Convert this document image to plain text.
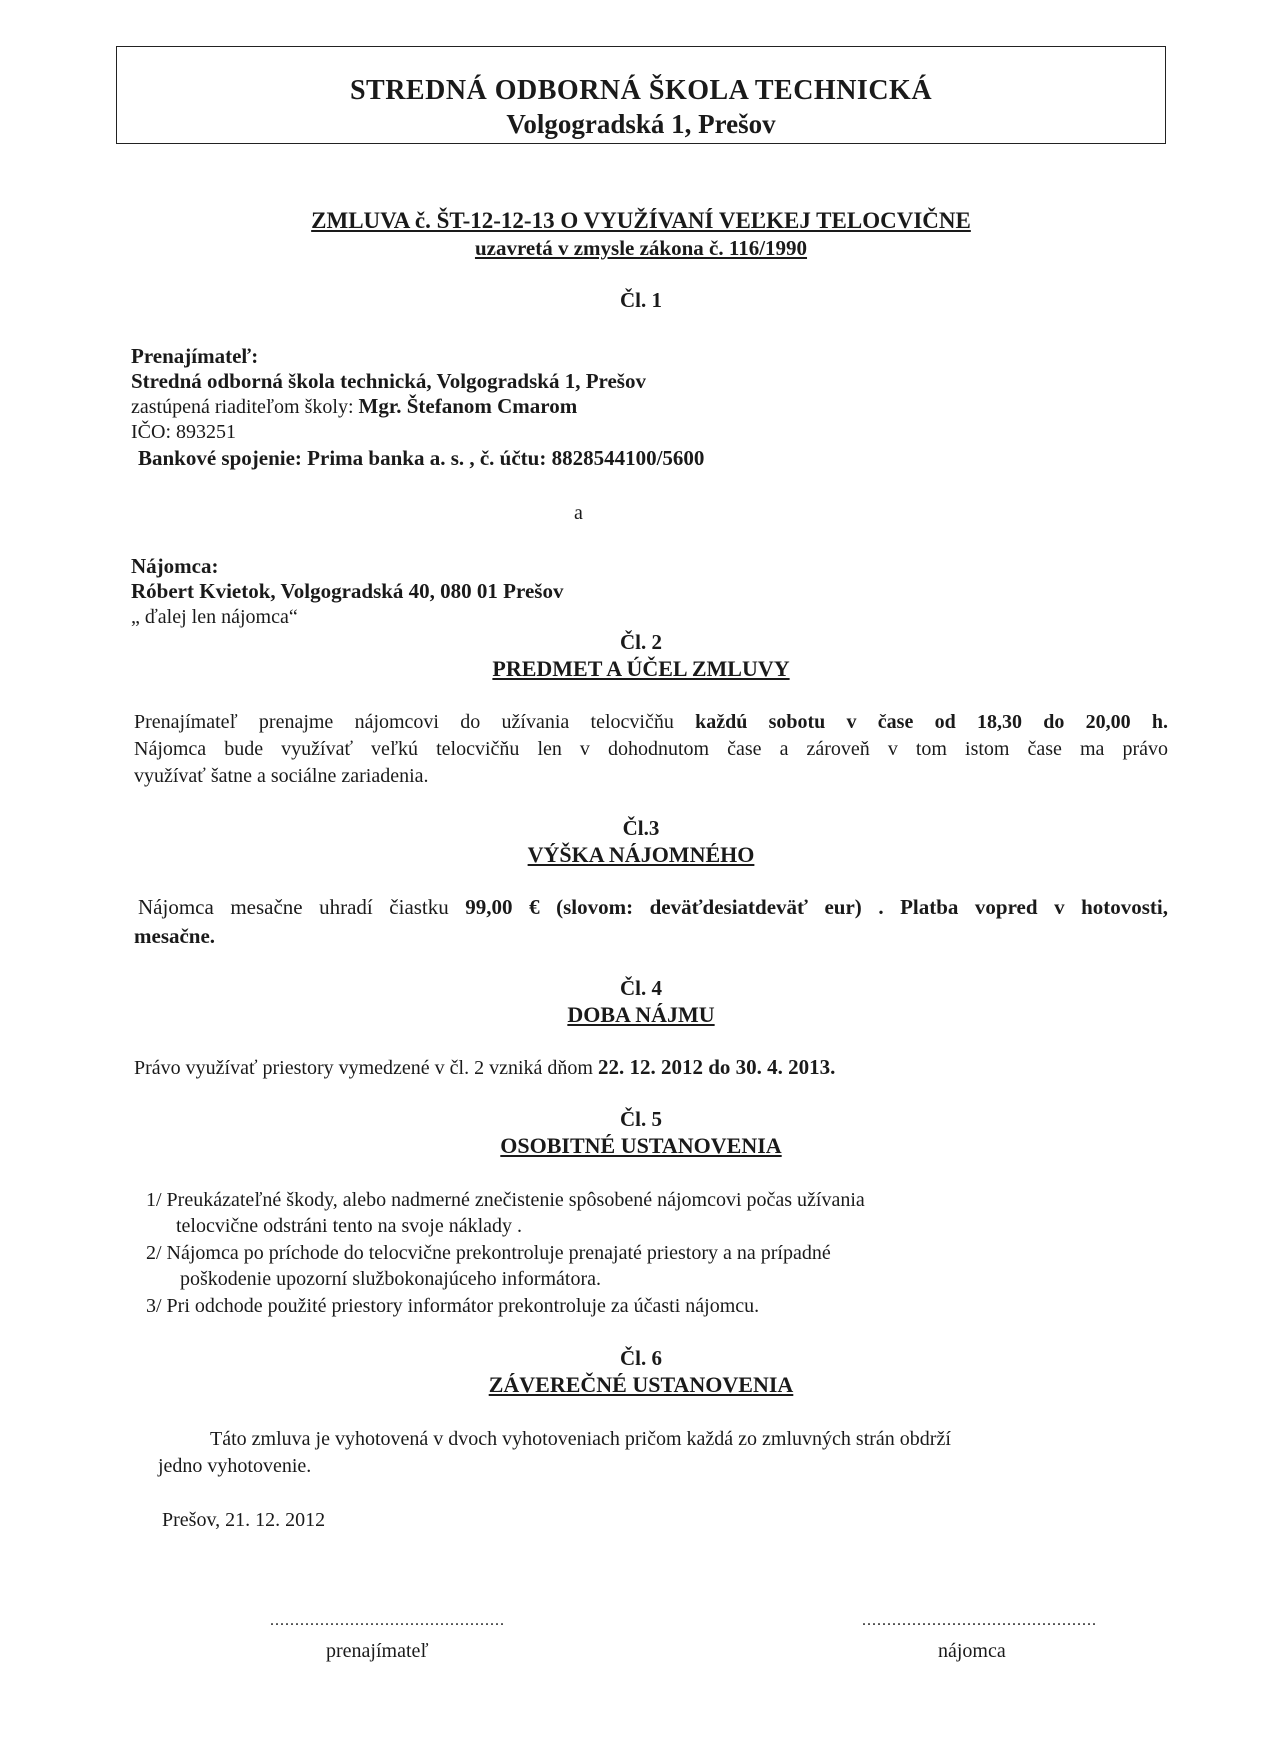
STREDNÁ ODBORNÁ ŠKOLA TECHNICKÁ
Volgogradská 1, Prešov
ZMLUVA č. ŠT-12-12-13 O VYUŽÍVANÍ VEĽKEJ TELOCVIČNE
uzavretá v zmysle zákona č. 116/1990
Čl. 1
Prenajímateľ:
Stredná odborná škola technická, Volgogradská 1, Prešov
zastúpená riaditeľom školy: Mgr. Štefanom Cmarom
IČO: 893251
Bankové spojenie: Prima banka a. s. , č. účtu: 8828544100/5600
a
Nájomca:
Róbert Kvietok, Volgogradská 40, 080 01 Prešov
„ ďalej len nájomca“
Čl. 2
PREDMET A ÚČEL ZMLUVY
Prenajímateľ prenajme nájomcovi do užívania telocvičňu každú sobotu v čase od 18,30 do 20,00 h.
Nájomca bude využívať veľkú telocvičňu len v dohodnutom čase a zároveň v tom istom čase ma právo
využívať šatne a sociálne zariadenia.
Čl.3
VÝŠKA NÁJOMNÉHO
Nájomca mesačne uhradí čiastku 99,00 € (slovom: deväťdesiatdeväť eur) . Platba vopred v hotovosti,
mesačne.
Čl. 4
DOBA NÁJMU
Právo využívať priestory vymedzené v čl. 2 vzniká dňom 22. 12. 2012 do 30. 4. 2013.
Čl. 5
OSOBITNÉ USTANOVENIA
1/ Preukázateľné škody, alebo nadmerné znečistenie spôsobené nájomcovi počas užívania
telocvične odstráni tento na svoje náklady .
2/ Nájomca po príchode do telocvične prekontroluje prenajaté priestory a na prípadné
poškodenie upozorní službokonajúceho informátora.
3/ Pri odchode použité priestory informátor prekontroluje za účasti nájomcu.
Čl. 6
ZÁVEREČNÉ USTANOVENIA
Táto zmluva je vyhotovená v dvoch vyhotoveniach pričom každá zo zmluvných strán obdrží
jedno vyhotovenie.
Prešov, 21. 12. 2012
...............................................
prenajímateľ
...............................................
nájomca
